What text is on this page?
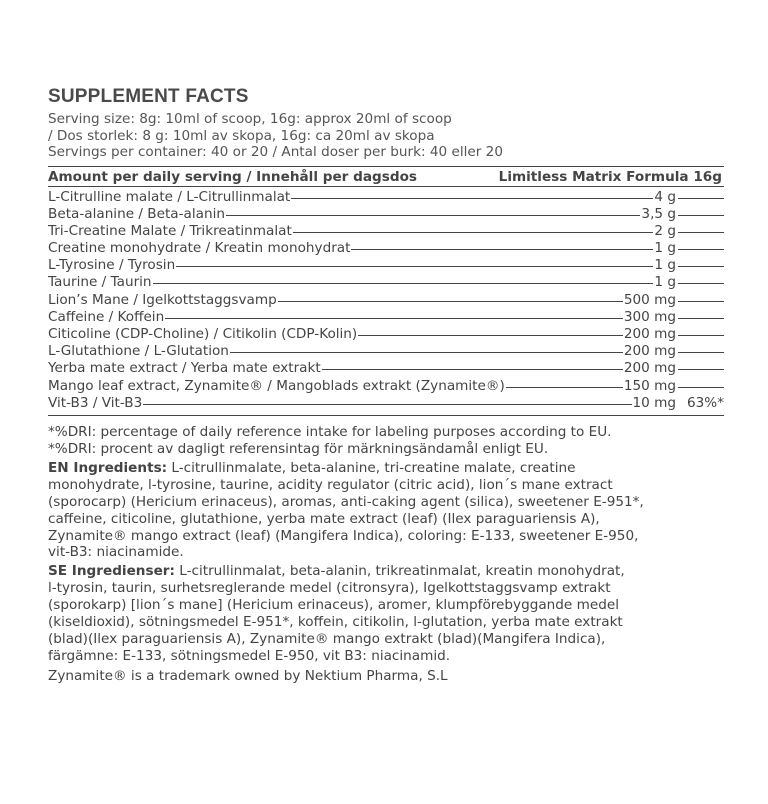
SUPPLEMENT FACTS
Serving size: 8g: 10ml of scoop, 16g: approx 20ml of scoop
/ Dos storlek: 8 g: 10ml av skopa, 16g: ca 20ml av skopa
Servings per container: 40 or 20 / Antal doser per burk: 40 eller 20
Amount per daily serving / Innehåll per dagsdos	Limitless Matrix Formula 16g
L-Citrulline malate / L-Citrullinmalat	4 g
Beta-alanine / Beta-alanin	3,5 g
Tri-Creatine Malate / Trikreatinmalat	2 g
Creatine monohydrate / Kreatin monohydrat	1 g
L-Tyrosine / Tyrosin	1 g
Taurine / Taurin	1 g
Lion’s Mane / Igelkottstaggsvamp	500 mg
Caffeine / Koffein	300 mg
Citicoline (CDP-Choline) / Citikolin (CDP-Kolin)	200 mg
L-Glutathione / L-Glutation	200 mg
Yerba mate extract / Yerba mate extrakt	200 mg
Mango leaf extract, Zynamite® / Mangoblads extrakt (Zynamite®)	150 mg
Vit-B3 / Vit-B3	10 mg 63%*
*%DRI: percentage of daily reference intake for labeling purposes according to EU.
*%DRI: procent av dagligt referensintag för märkningsändamål enligt EU.
EN Ingredients: L-citrullinmalate, beta-alanine, tri-creatine malate, creatine
monohydrate, l-tyrosine, taurine, acidity regulator (citric acid), lion´s mane extract
(sporocarp) (Hericium erinaceus), aromas, anti-caking agent (silica), sweetener E-951*,
caffeine, citicoline, glutathione, yerba mate extract (leaf) (Ilex paraguariensis A),
Zynamite® mango extract (leaf) (Mangifera Indica), coloring: E-133, sweetener E-950,
vit-B3: niacinamide.
SE Ingredienser: L-citrullinmalat, beta-alanin, trikreatinmalat, kreatin monohydrat,
l-tyrosin, taurin, surhetsreglerande medel (citronsyra), Igelkottstaggsvamp extrakt
(sporokarp) [lion´s mane] (Hericium erinaceus), aromer, klumpförebyggande medel
(kiseldioxid), sötningsmedel E-951*, koffein, citikolin, l-glutation, yerba mate extrakt
(blad)(Ilex paraguariensis A), Zynamite® mango extrakt (blad)(Mangifera Indica),
färgämne: E-133, sötningsmedel E-950, vit B3: niacinamid.
Zynamite® is a trademark owned by Nektium Pharma, S.L
